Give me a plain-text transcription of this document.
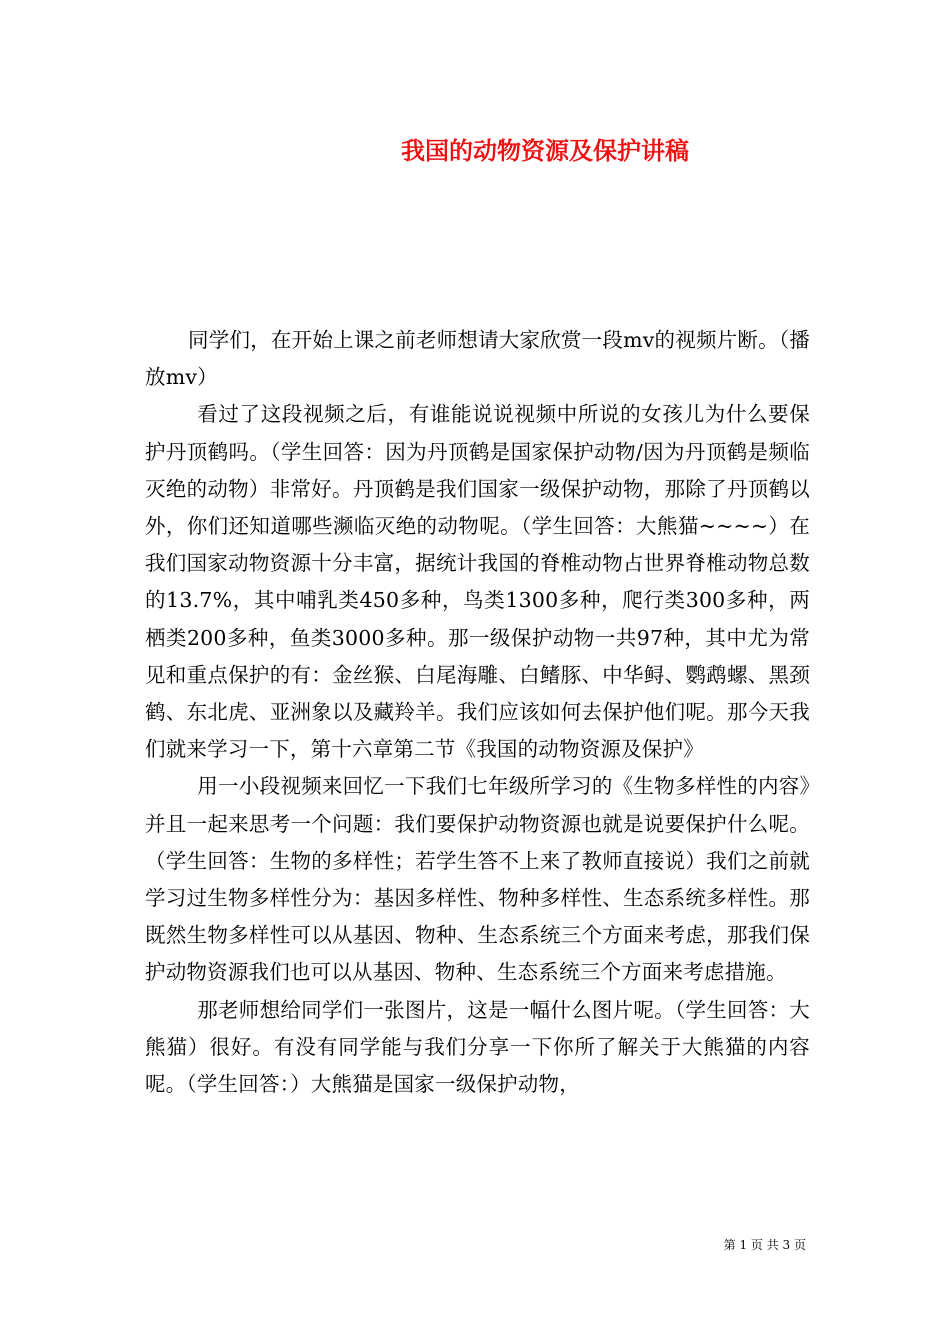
我国的动物资源及保护讲稿

同学们，在开始上课之前老师想请大家欣赏一段mv的视频片断。（播放mv）

看过了这段视频之后，有谁能说说视频中所说的女孩儿为什么要保护丹顶鹤吗。（学生回答：因为丹顶鹤是国家保护动物/因为丹顶鹤是频临灭绝的动物）非常好。丹顶鹤是我们国家一级保护动物，那除了丹顶鹤以外，你们还知道哪些濒临灭绝的动物呢。（学生回答：大熊猫~~~~）在我们国家动物资源十分丰富，据统计我国的脊椎动物占世界脊椎动物总数的13.7%，其中哺乳类450多种，鸟类1300多种，爬行类300多种，两栖类200多种，鱼类3000多种。那一级保护动物一共97种，其中尤为常见和重点保护的有：金丝猴、白尾海雕、白鳍豚、中华鲟、鹦鹉螺、黑颈鹤、东北虎、亚洲象以及藏羚羊。我们应该如何去保护他们呢。那今天我们就来学习一下，第十六章第二节《我国的动物资源及保护》

用一小段视频来回忆一下我们七年级所学习的《生物多样性的内容》并且一起来思考一个问题：我们要保护动物资源也就是说要保护什么呢。（学生回答：生物的多样性；若学生答不上来了教师直接说）我们之前就学习过生物多样性分为：基因多样性、物种多样性、生态系统多样性。那既然生物多样性可以从基因、物种、生态系统三个方面来考虑，那我们保护动物资源我们也可以从基因、物种、生态系统三个方面来考虑措施。

那老师想给同学们一张图片，这是一幅什么图片呢。（学生回答：大熊猫）很好。有没有同学能与我们分享一下你所了解关于大熊猫的内容呢。（学生回答：）大熊猫是国家一级保护动物，

第 1 页 共 3 页
